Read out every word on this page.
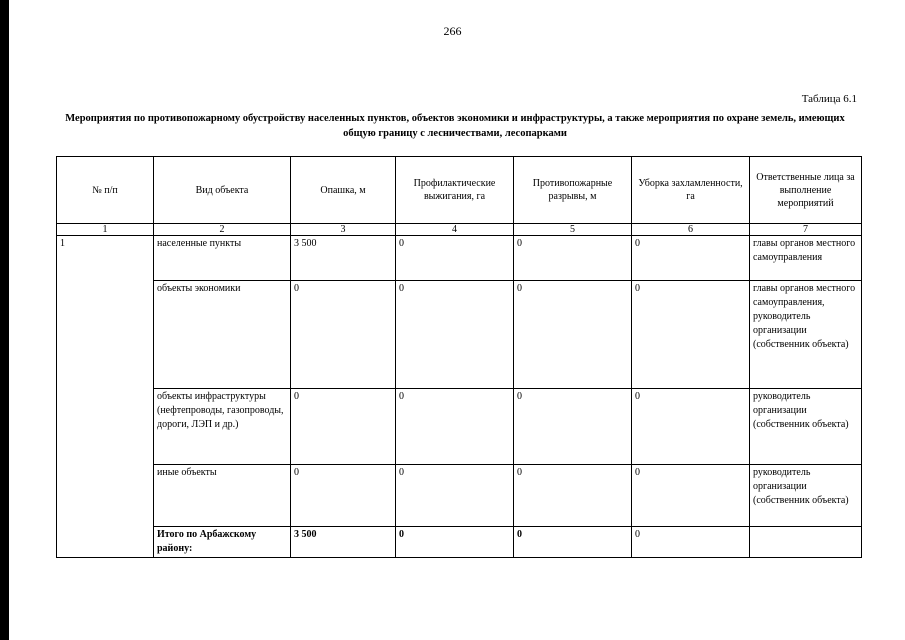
266
Таблица 6.1
Мероприятия по противопожарному обустройству населенных пунктов, объектов экономики и инфраструктуры, а также мероприятия по охране земель, имеющих общую границу с лесничествами, лесопарками
№ п/п	Вид объекта	Опашка, м	Профилактические выжигания, га	Противопожарные разрывы, м	Уборка захламленности, га	Ответственные лица за выполнение мероприятий
1	2	3	4	5	6	7
1	населенные пункты	3 500	0	0	0	главы органов местного самоуправления
	объекты экономики	0	0	0	0	главы органов местного самоуправления, руководитель организации (собственник объекта)
	объекты инфраструктуры (нефтепроводы, газопроводы, дороги, ЛЭП и др.)	0	0	0	0	руководитель организации (собственник объекта)
	иные объекты	0	0	0	0	руководитель организации (собственник объекта)
	Итого по Арбажскому району:	3 500	0	0	0	
